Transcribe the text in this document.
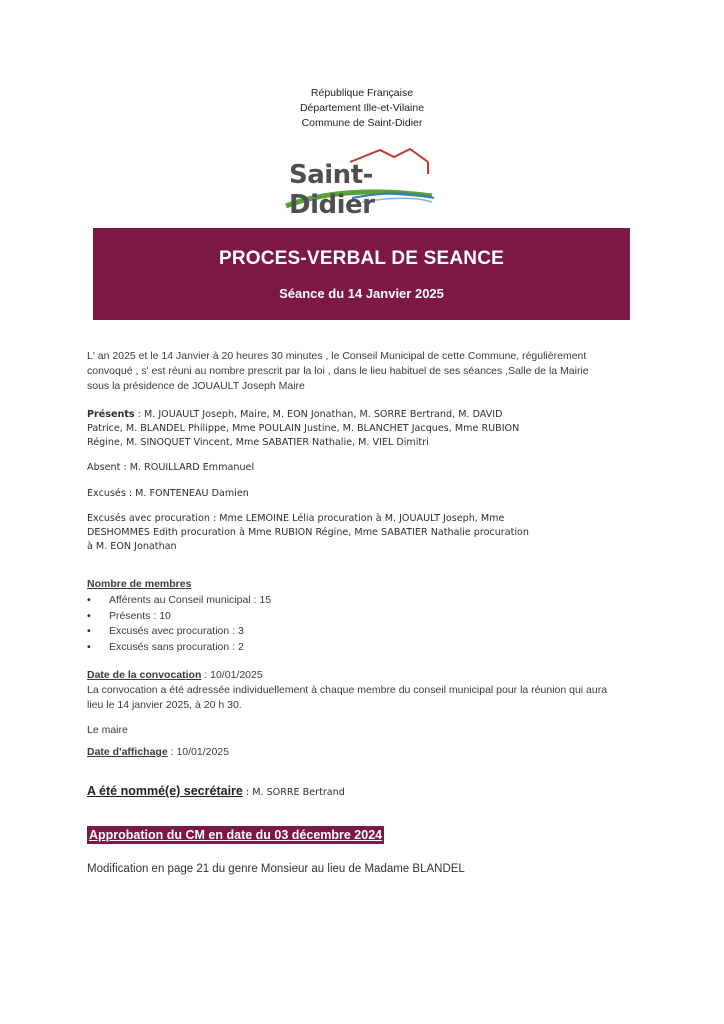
République Française
Département Ille-et-Vilaine
Commune de Saint-Didier
Saint-Didier
PROCES-VERBAL DE SEANCE
Séance du 14 Janvier 2025
L' an 2025 et le 14 Janvier à 20 heures 30 minutes , le Conseil Municipal de cette Commune, régulièrement
convoqué , s' est réuni au nombre prescrit par la loi , dans le lieu habituel de ses séances ,Salle de la Mairie
sous la présidence de JOUAULT Joseph Maire
Présents : M. JOUAULT Joseph, Maire, M. EON Jonathan, M. SORRE Bertrand, M. DAVID
Patrice, M. BLANDEL Philippe, Mme POULAIN Justine, M. BLANCHET Jacques, Mme RUBION
Régine, M. SINOQUET Vincent, Mme SABATIER Nathalie, M. VIEL Dimitri
Absent : M. ROUILLARD Emmanuel
Excusés : M. FONTENEAU Damien
Excusés avec procuration : Mme LEMOINE Lélia procuration à M. JOUAULT Joseph, Mme
DESHOMMES Edith procuration à Mme RUBION Régine, Mme SABATIER Nathalie procuration
à M. EON Jonathan
Nombre de membres
• Afférents au Conseil municipal : 15
• Présents : 10
• Excusés avec procuration : 3
• Excusés sans procuration : 2
Date de la convocation : 10/01/2025
La convocation a été adressée individuellement à chaque membre du conseil municipal pour la réunion qui aura
lieu le 14 janvier 2025, à 20 h 30.
Le maire
Date d'affichage : 10/01/2025
A été nommé(e) secrétaire : M. SORRE Bertrand
Approbation du CM en date du 03 décembre 2024
Modification en page 21 du genre Monsieur au lieu de Madame BLANDEL
